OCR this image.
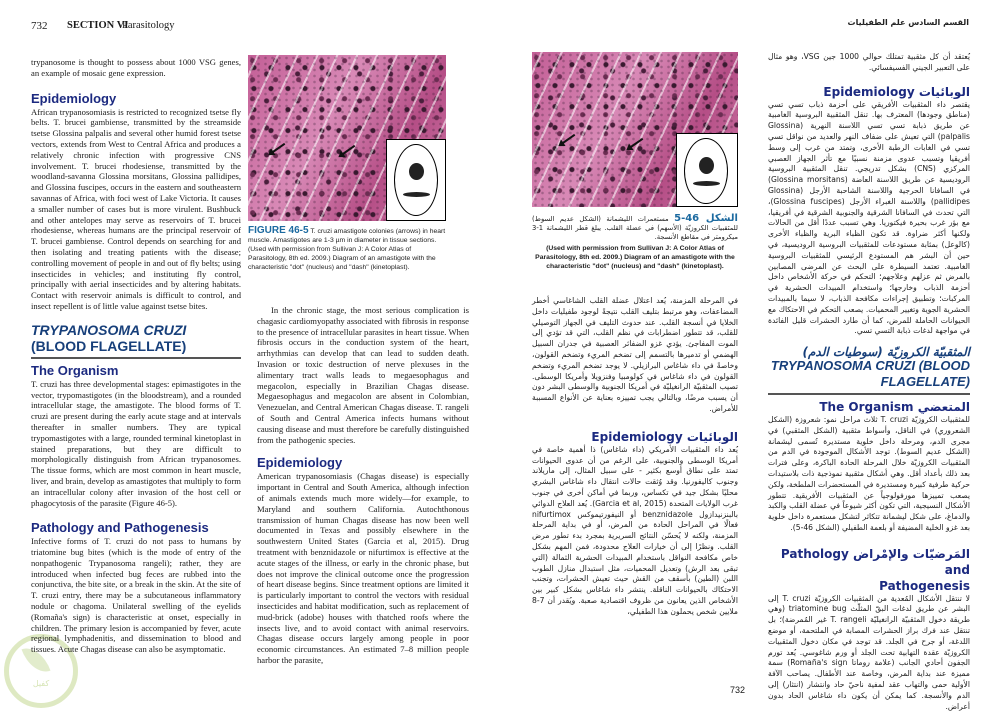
732 SECTION VI
Parasitology
كفيل

trypanosome is thought to possess about 1000 VSG genes, an example of mosaic gene expression.

Epidemiology

African trypanosomiasis is restricted to recognized tsetse fly belts. T. brucei gambiense, transmitted by the streamside tsetse Glossina palpalis and several other humid forest tsetse vectors, extends from West to Central Africa and produces a relatively chronic infection with progressive CNS involvement. T. brucei rhodesiense, transmitted by the woodland-savanna Glossina morsitans, Glossina pallidipes, and Glossina fuscipes, occurs in the eastern and southeastern savannas of Africa, with foci west of Lake Victoria. It causes a smaller number of cases but is more virulent. Bushbuck and other antelopes may serve as reservoirs of T. brucei rhodesiense, whereas humans are the principal reservoir of T. brucei gambiense. Control depends on searching for and then isolating and treating patients with the disease; controlling movement of people in and out of fly belts; using insecticides in vehicles; and instituting fly control, principally with aerial insecticides and by altering habitats. Contact with reservoir animals is difficult to control, and insect repellent is of little value against tsetse bites.

TRYPANOSOMA CRUZI
(BLOOD FLAGELLATE)
The Organism

T. cruzi has three developmental stages: epimastigotes in the vector, trypomastigotes (in the bloodstream), and a rounded intracellular stage, the amastigote. The blood forms of T. cruzi are present during the early acute stage and at intervals thereafter in smaller numbers. They are typical trypomastigotes with a large, rounded terminal kinetoplast in stained preparations, but they are difficult to morphologically distinguish from African trypanosomes. The tissue forms, which are most common in heart muscle, liver, and brain, develop as amastigotes that multiply to form an intracellular colony after invasion of the host cell or phagocytosis of the parasite (Figure 46-5).

Pathology and Pathogenesis

Infective forms of T. cruzi do not pass to humans by triatomine bug bites (which is the mode of entry of the nonpathogenic Trypanosoma rangeli); rather, they are introduced when infected bug feces are rubbed into the conjunctiva, the bite site, or a break in the skin. At the site of T. cruzi entry, there may be a subcutaneous inflammatory nodule or chagoma. Unilateral swelling of the eyelids (Romaña's sign) is characteristic at onset, especially in children. The primary lesion is accompanied by fever, acute regional lymphadenitis, and dissemination to blood and tissues. Acute Chagas disease can also be asymptomatic.

FIGURE 46-5 T. cruzi amastigote colonies (arrows) in heart muscle. Amastigotes are 1-3 µm in diameter in tissue sections. (Used with permission from Sullivan J: A Color Atlas of Parasitology, 8th ed. 2009.) Diagram of an amastigote with the characteristic "dot" (nucleus) and "dash" (kinetoplast).

In the chronic stage, the most serious complication is chagasic cardiomyopathy associated with fibrosis in response to the presence of intracellular parasites in heart tissue. When fibrosis occurs in the conduction system of the heart, arrhythmias can develop that can lead to sudden death. Invasion or toxic destruction of nerve plexuses in the alimentary tract walls leads to megaesophagus and megacolon, especially in Brazilian Chagas disease. Megaesophagus and megacolon are absent in Colombian, Venezuelan, and Central American Chagas disease. T. rangeli of South and Central America infects humans without causing disease and must therefore be carefully distinguished from the pathogenic species.

Epidemiology

American trypanosomiasis (Chagas disease) is especially important in Central and South America, although infection of animals extends much more widely—for example, to Maryland and southern California. Autochthonous transmission of human Chagas disease has now been well documented in Texas and possibly elsewhere in the southwestern United States (Garcia et al, 2015). Drug treatment with benznidazole or nifurtimox is effective at the acute stages of the illness, or early in the chronic phase, but does not improve the clinical outcome once the progression of heart disease begins. Since treatment options are limited it is particularly important to control the vectors with residual insecticides and habitat modification, such as replacement of mud-brick (adobe) houses with thatched roofs where the insects live, and to avoid contact with animal reservoirs. Chagas disease occurs largely among people in poor economic circumstances. An estimated 7–8 million people harbor the parasite,

القسم السادس علم الطفيليات
الشكل 46-5 مستعمرات الليشمانة (الشكل عديم السوط) للمثقبيات الكروزيّة (الأسهم) في عضلة القلب. يبلغ قطر الليشمانة 1-3 ميكرومتر في مقاطع الأنسجة.
(Used with permission from Sullivan J: A Color Atlas of Parasitology, 8th ed. 2009.) Diagram of an amastigote with the characteristic "dot" (nucleus) and "dash" (kinetoplast).

في المرحلة المزمنة، يُعد اعتلال عضلة القلب الشاغاسي أخطر المضاعفات، وهو مرتبط بتليف القلب نتيجةً لوجود طفيليات داخل الخلايا في أنسجة القلب. عند حدوث التليف في الجهاز التوصيلي للقلب، قد تتطور اضطرابات في نظم القلب، التي قد تؤدي إلى الموت المفاجئ. يؤدي غزو الضفائر العصبية في جدران السبيل الهضمي أو تدميرها بالتسمم إلى تضخم المريء وتضخم القولون، وخاصةً في داء شاغاس البرازيلي. لا يوجد تضخم المريء وتضخم القولون في داء شاغاس في كولومبيا وفنزويلا وأمريكا الوسطى. تصيب المثقبيّة الرانغيليّة في أمريكا الجنوبية والوسطى البشر دون أن يسبب مرضًا، وبالتالي يجب تمييزه بعناية عن الأنواع المسببة للأمراض.

الوبائيات Epidemiology

يُعد داء المثقبيات الأمريكي (داء شاغاس) ذا أهمية خاصة في أمريكا الوسطى والجنوبية، على الرغم من أن عدوى الحيوانات تمتد على نطاق أوسع بكثير - على سبيل المثال، إلى ماريلاند وجنوب كاليفورنيا. وقد وُثقت حالات انتقال داء شاغاس البشري محليًا بشكل جيد في تكساس، وربما في أماكن أخرى في جنوب غرب الولايات المتحدة (Garcia et al, 2015). يُعد العلاج الدوائي بالبنزنيدازول benznidazole أو النيفورتيموكس nifurtimox فعالًا في المراحل الحادة من المرض، أو في بداية المرحلة المزمنة، ولكنه لا يُحسّن النتائج السريرية بمجرد بدء تطور مرض القلب. ونظرًا إلى أن خيارات العلاج محدودة، فمن المهم بشكل خاص مكافحة النواقل باستخدام المبيدات الحشرية الثمالة (التي تبقى بعد الرش) وتعديل المحميات، مثل استبدال منازل الطوب اللبن (الطين) بأسقف من القش حيث تعيش الحشرات، وتجنب الاحتكاك بالحيوانات الناقلة. ينتشر داء شاغاس بشكل كبير بين الأشخاص الذين يعانون من ظروف اقتصادية صعبة. ويُقدر أن 7-8 ملايين شخص يحملون هذا الطفيلي،

732

يُعتقد أن كل مثقبية تمتلك حوالي 1000 جين VSG، وهو مثال على التعبير الجيني الفسيفسائي.

الوبائيات Epidemiology

يقتصر داء المثقبيات الأفريقي على أحزمة ذباب تسي تسي (مناطق وجودها) المعترف بها. تنقل المثقبية البروسية الغامبية عن طريق ذبابة تسي تسي اللاسنة النهرية (Glossina palpalis) التي تعيش على ضفاف النهر والعديد من نواقل تسي تسي في الغابات الرطبة الأخرى، وتمتد من غرب إلى وسط أفريقيا وتسبب عدوى مزمنة نسبيًا مع تأثر الجهاز العصبي المركزي (CNS) بشكل تدريجي. تنقل المثقبية البروسية الروديسية عن طريق اللاسنة العاضة (Glossina morsitans) في السافانا الحرجية واللاسنة الشاحبة الأرجل (Glossina pallidipes) واللاسنة الغبراء الأرجل (Glossina fuscipes)، التي تحدث في السافانا الشرقية والجنوبية الشرقية في أفريقيا، مع بؤر غرب بحيرة فيكتوريا. وهي تسبب عددًا أقل من الحالات ولكنها أكثر ضراوة. قد تكون الظباء البرية والظباء الأخرى (كالوعل) بمثابة مستودعات للمثقبيات البروسية الروديسية، في حين أن البشر هم المستودع الرئيسي للمثقبيات البروسية الغامبية. تعتمد السيطرة على البحث عن المرضى المصابين بالمرض ثم عزلهم وعلاجهم؛ التحكم في حركة الأشخاص داخل أحزمة الذباب وخارجها؛ واستخدام المبيدات الحشرية في المركبات؛ وتطبيق إجراءات مكافحة الذباب، لا سيما بالمبيدات الحشرية الجوية وتغيير المحميات. يصعب التحكم في الاحتكاك مع الحيوانات الحاملة للمرض، كما أن طارد الحشرات قليل الفائدة في مواجهة لدغات ذبابة التسي تسي.

المثقبيّة الكروزيّة (سوطيات الدم)
TRYPANOSOMA CRUZI (BLOOD
(FLAGELLATE
المتعضي The Organism

للمثقبيات الكروزيّة T. cruzi ثلاث مراحل نمو: شعروزة (الشكل الشعروري) في الناقل، وأسواط مثقبية (الشكل المثقبي) في مجرى الدم، ومرحلة داخل خلوية مستديرة تُسمى ليشمانة (الشكل عديم السوط). توجد الأشكال الموجودة في الدم من المثقبيات الكروزيّة خلال المرحلة الحادة الباكرة، وعلى فترات بعد ذلك بأعداد أقل. وهي أشكال مثقبية نموذجية ذات بلاستيدات حركية طرفية كبيرة ومستديرة في المستحضرات الملطخة، ولكن يصعب تمييزها مورفولوجياً عن المثقبيات الأفريقية. تتطور الأشكال النسيجية، التي تكون أكثر شيوعاً في عضلة القلب والكبد والدماغ، على شكل ليشمانة تتكاثر لتشكل مستعمرة داخل خلوية بعد غزو الخلية المضيفة أو بلعمة الطفيلي (الشكل 46-5).

المَرضيّات والإمْراض Pathology and
Pathogenesis

لا تنتقل الأشكال المُعدية من المثقبيات الكروزيّة T. cruzi إلى البشر عن طريق لدغات البقّ المثلّث triatomine bug (وهي طريقة دخول المثقبيّة الرانغيليّة T. rangeli غير المُمرضة)؛ بل تنتقل عند فرك براز الحشرات المصابة في الملتحمة، أو موضع اللدغة، أو جرح في الجلد. قد توجد في مكان دخول المثقبيات الكروزيّة عقدة التهابية تحت الجلد أو ورم شاغوسي. يُعد تورم الجفون أحادي الجانب (علامة روماتا Romaña's sign) سمة مميزة عند بداية المرض، وخاصة عند الأطفال. يصاحب الآفة الأولية حمى والتهاب عقد لمفية ناحيّ حاد وانتشار (انتثار) إلى الدم والأنسجة. كما يمكن أن يكون داء شاغاس الحاد بدون أعراض.
